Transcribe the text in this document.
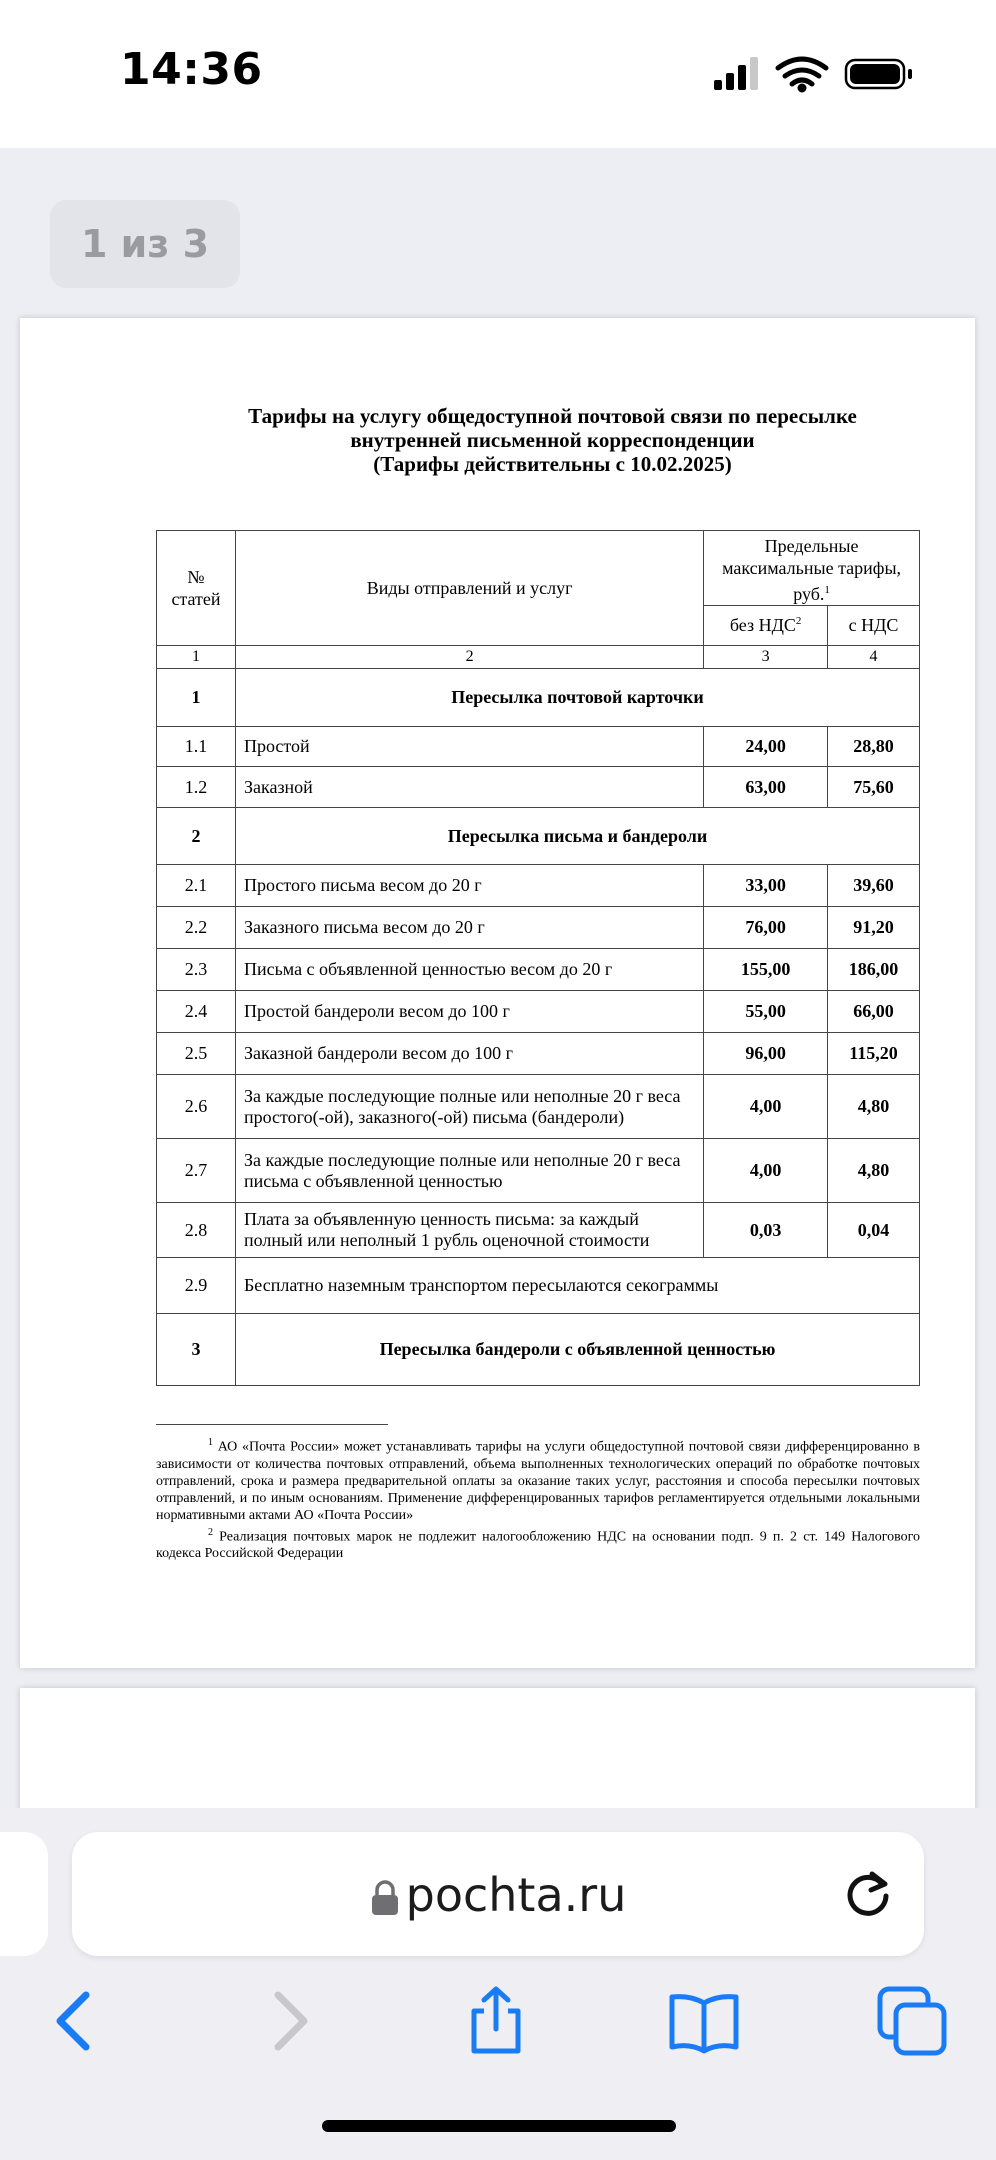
14:36
1 из 3
Тарифы на услугу общедоступной почтовой связи по пересылке
внутренней письменной корреспонденции
(Тарифы действительны с 10.02.2025)
№ статей	Виды отправлений и услуг	Предельные максимальные тарифы, руб.$^1$
		без НДС$^2$	с НДС
1	2	3	4
1	Пересылка почтовой карточки		
1.1	Простой	24,00	28,80
1.2	Заказной	63,00	75,60
2	Пересылка письма и бандероли		
2.1	Простого письма весом до 20 г	33,00	39,60
2.2	Заказного письма весом до 20 г	76,00	91,20
2.3	Письма с объявленной ценностью весом до 20 г	155,00	186,00
2.4	Простой бандероли весом до 100 г	55,00	66,00
2.5	Заказной бандероли весом до 100 г	96,00	115,20
2.6	За каждые последующие полные или неполные 20 г веса простого(-ой), заказного(-ой) письма (бандероли)	4,00	4,80
2.7	За каждые последующие полные или неполные 20 г веса письма с объявленной ценностью	4,00	4,80
2.8	Плата за объявленную ценность письма: за каждый полный или неполный 1 рубль оценочной стоимости	0,03	0,04
2.9	Бесплатно наземным транспортом пересылаются секограммы		
3	Пересылка бандероли с объявленной ценностью		

$^1$ АО «Почта России» может устанавливать тарифы на услуги общедоступной почтовой связи дифференцированно в зависимости от количества почтовых отправлений, объема выполненных технологических операций по обработке почтовых отправлений, срока и размера предварительной оплаты за оказание таких услуг, расстояния и способа пересылки почтовых отправлений, и по иным основаниям. Применение дифференцированных тарифов регламентируется отдельными локальными нормативными актами АО «Почта России»

$^2$ Реализация почтовых марок не подлежит налогообложению НДС на основании подп. 9 п. 2 ст. 149 Налогового кодекса Российской Федерации

pochta.ru
